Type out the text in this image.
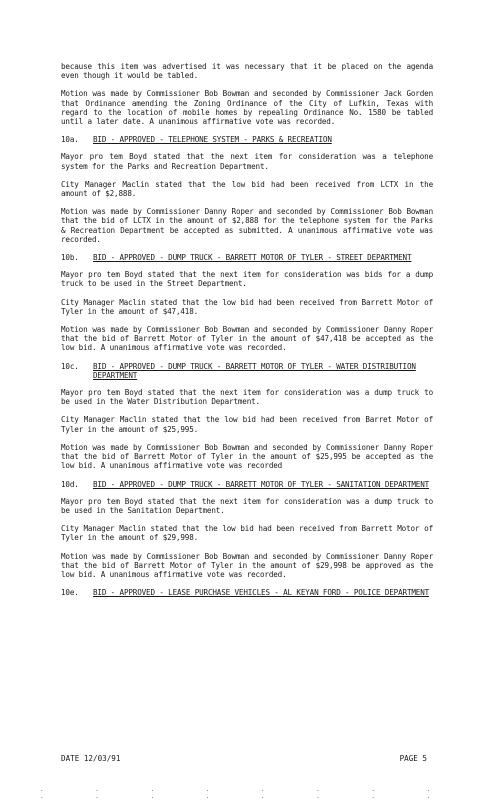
because this item was advertised it was necessary that it be placed on the agenda even though it would be tabled.

Motion was made by Commissioner Bob Bowman and seconded by Commissioner Jack Gorden that Ordinance amending the Zoning Ordinance of the City of Lufkin, Texas with regard to the location of mobile homes by repealing Ordinance No. 1580 be tabled until a later date. A unanimous affirmative vote was recorded.

10a.	BID - APPROVED - TELEPHONE SYSTEM - PARKS & RECREATION

Mayor pro tem Boyd stated that the next item for consideration was a telephone system for the Parks and Recreation Department.

City Manager Maclin stated that the low bid had been received from LCTX in the amount of $2,888.

Motion was made by Commissioner Danny Roper and seconded by Commissioner Bob Bowman that the bid of LCTX in the amount of $2,888 for the telephone system for the Parks & Recreation Department be accepted as submitted. A unanimous affirmative vote was recorded.

10b.	BID - APPROVED - DUMP TRUCK - BARRETT MOTOR OF TYLER - STREET DEPARTMENT

Mayor pro tem Boyd stated that the next item for consideration was bids for a dump truck to be used in the Street Department.

City Manager Maclin stated that the low bid had been received from Barrett Motor of Tyler in the amount of $47,418.

Motion was made by Commissioner Bob Bowman and seconded by Commissioner Danny Roper that the bid of Barrett Motor of Tyler in the amount of $47,418 be accepted as the low bid. A unanimous affirmative vote was recorded.

10c.	BID - APPROVED - DUMP TRUCK - BARRETT MOTOR OF TYLER - WATER DISTRIBUTION DEPARTMENT

Mayor pro tem Boyd stated that the next item for consideration was a dump truck to be used in the Water Distribution Department.

City Manager Maclin stated that the low bid had been received from Barret Motor of Tyler in the amount of $25,995.

Motion was made by Commissioner Bob Bowman and seconded by Commissioner Danny Roper that the bid of Barrett Motor of Tyler in the amount of $25,995 be accepted as the low bid. A unanimous affirmative vote was recorded

10d.	BID - APPROVED - DUMP TRUCK - BARRETT MOTOR OF TYLER - SANITATION DEPARTMENT

Mayor pro tem Boyd stated that the next item for consideration was a dump truck to be used in the Sanitation Department.

City Manager Maclin stated that the low bid had been received from Barrett Motor of Tyler in the amount of $29,998.

Motion was made by Commissioner Bob Bowman and seconded by Commissioner Danny Roper that the bid of Barrett Motor of Tyler in the amount of $29,998 be approved as the low bid. A unanimous affirmative vote was recorded.

10e.	BID - APPROVED - LEASE PURCHASE VEHICLES - AL KEYAN FORD - POLICE DEPARTMENT
DATE 12/03/91	PAGE 5
. . . . . . . . . . . . . . . .
